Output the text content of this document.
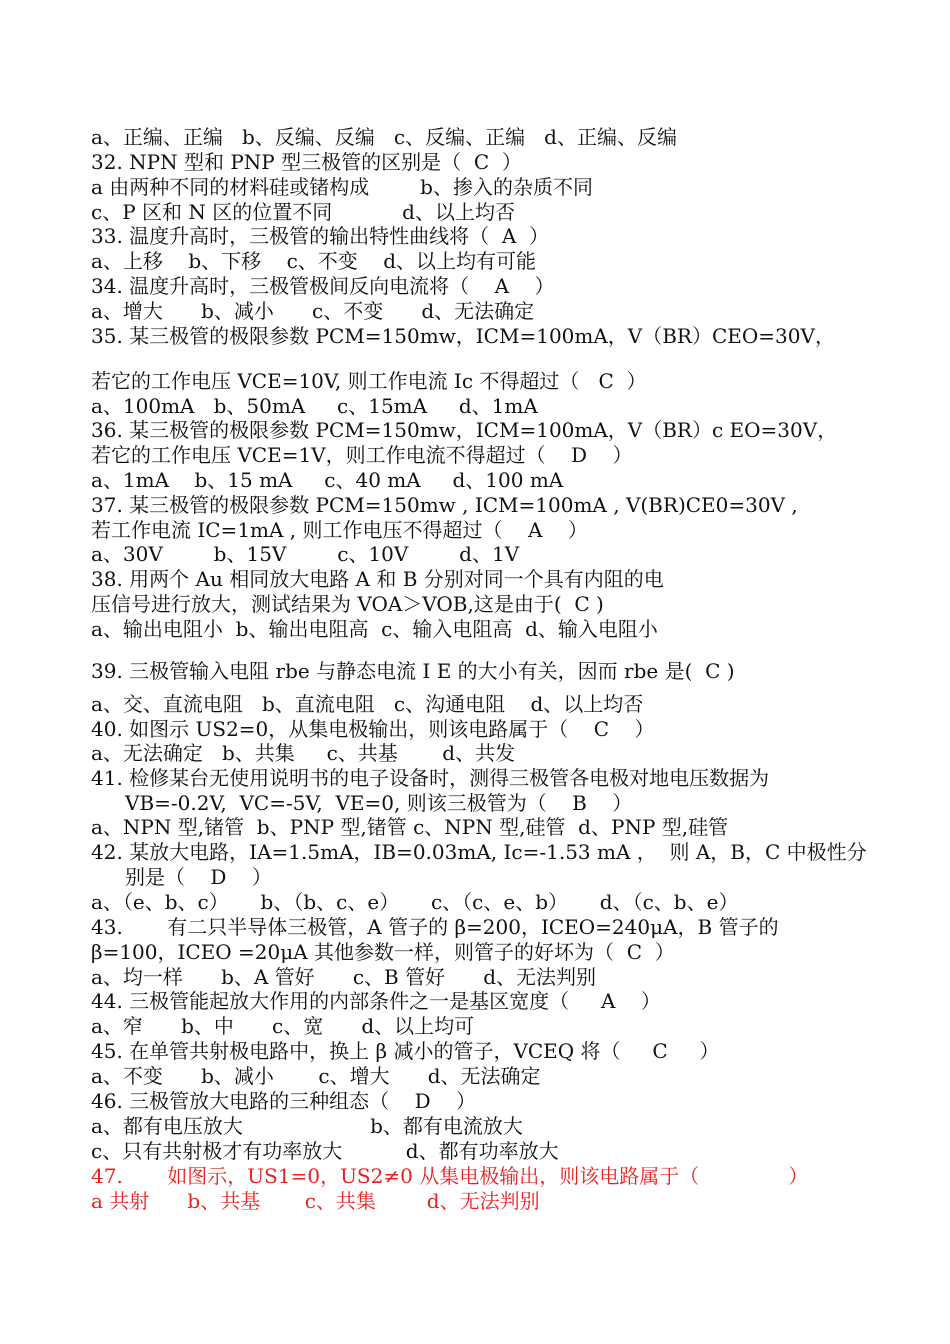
a、正编、正编   b、反编、反编   c、反编、正编   d、正编、反编
32. NPN 型和 PNP 型三极管的区别是（  C  ）
a 由两种不同的材料硅或锗构成        b、掺入的杂质不同
c、P 区和 N 区的位置不同           d、以上均否
33. 温度升高时，三极管的输出特性曲线将（  A  ）
a、上移    b、下移    c、不变    d、以上均有可能
34. 温度升高时，三极管极间反向电流将（    A    ）
a、增大      b、减小      c、不变      d、无法确定
35. 某三极管的极限参数 PCM=150mw，ICM=100mA，V（BR）CEO=30V，
若它的工作电压 VCE=10V, 则工作电流 Ic 不得超过（   C  ）
a、100mA   b、50mA     c、15mA     d、1mA
36. 某三极管的极限参数 PCM=150mw，ICM=100mA，V（BR）c EO=30V，
若它的工作电压 VCE=1V，则工作电流不得超过（    D    ）
a、1mA    b、15 mA     c、40 mA     d、100 mA
37. 某三极管的极限参数 PCM=150mw , ICM=100mA , V(BR)CE0=30V ,
若工作电流 IC=1mA , 则工作电压不得超过（    A    ）
a、30V        b、15V        c、10V        d、1V
38. 用两个 Au 相同放大电路 A 和 B 分别对同一个具有内阻的电
压信号进行放大，测试结果为 VOA＞VOB,这是由于(  C )
a、输出电阻小  b、输出电阻高  c、输入电阻高  d、输入电阻小
39. 三极管输入电阻 rbe 与静态电流 I E 的大小有关，因而 rbe 是(  C )
a、交、直流电阻   b、直流电阻   c、沟通电阻    d、以上均否
40. 如图示 US2=0，从集电极输出，则该电路属于（    C    ）
a、无法确定   b、共集     c、共基       d、共发
41. 检修某台无使用说明书的电子设备时，测得三极管各电极对地电压数据为
VB=-0.2V,  VC=-5V,  VE=0, 则该三极管为（    B    ）
a、NPN 型,锗管  b、PNP 型,锗管 c、NPN 型,硅管  d、PNP 型,硅管
42. 某放大电路，IA=1.5mA，IB=0.03mA, Ic=-1.53 mA ，  则 A，B，C 中极性分
别是（    D    ）
a、（e、b、c）     b、（b、c、e）     c、（c、e、b）     d、（c、b、e）
43.       有二只半导体三极管，A 管子的 β=200，ICEO=240μA，B 管子的
β=100，ICEO =20μA 其他参数一样，则管子的好坏为（  C  ）
a、均一样      b、A 管好      c、B 管好      d、无法判别
44. 三极管能起放大作用的内部条件之一是基区宽度（     A    ）
a、窄      b、中      c、宽      d、以上均可
45. 在单管共射极电路中，换上 β 减小的管子，VCEQ 将（     C     ）
a、不变      b、减小       c、增大      d、无法确定
46. 三极管放大电路的三种组态（    D    ）
a、都有电压放大                    b、都有电流放大
c、只有共射极才有功率放大          d、都有功率放大
47.       如图示，US1=0，US2≠0 从集电极输出，则该电路属于（              ）
a 共射      b、共基       c、共集        d、无法判别
